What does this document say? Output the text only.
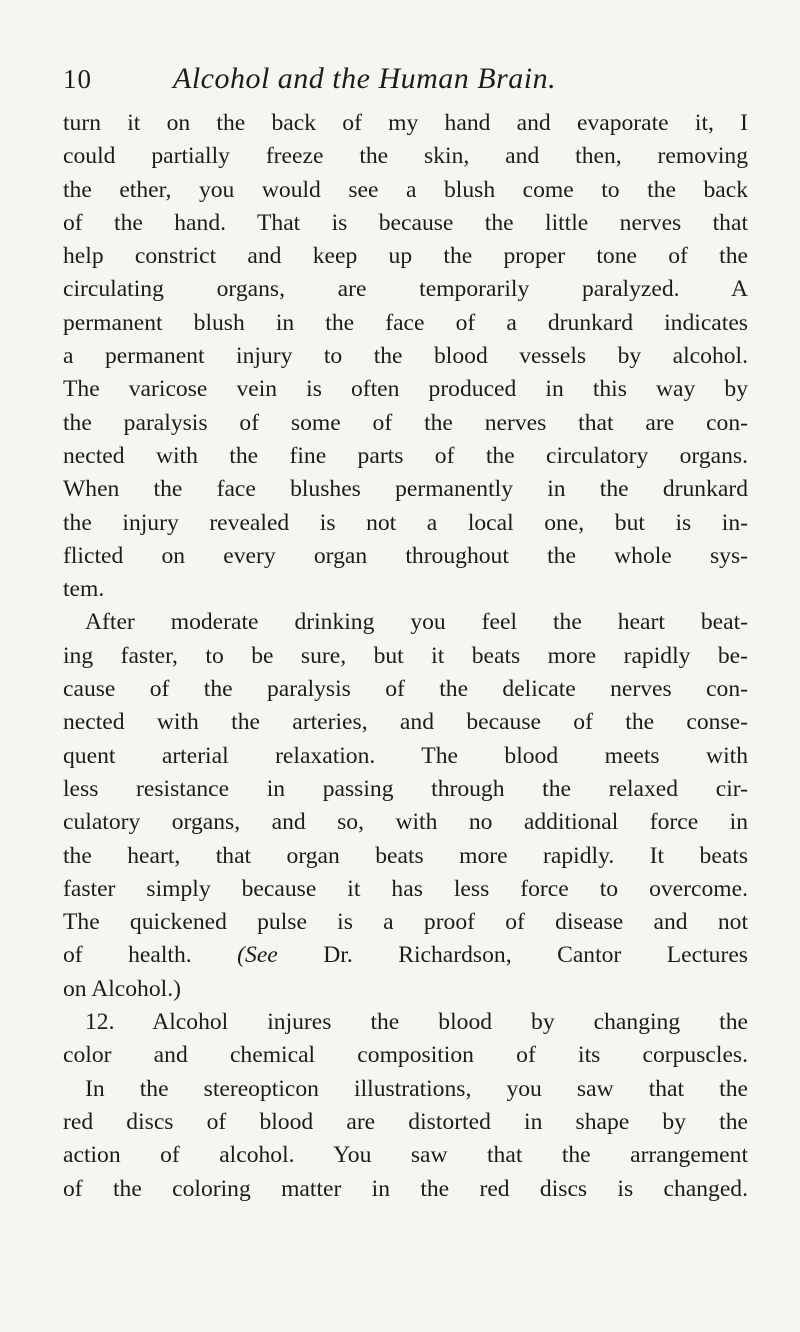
10	Alcohol and the Human Brain.
turn it on the back of my hand and evaporate it, I
could partially freeze the skin, and then, removing
the ether, you would see a blush come to the back
of the hand. That is because the little nerves that
help constrict and keep up the proper tone of the
circulating organs, are temporarily paralyzed. A
permanent blush in the face of a drunkard indicates
a permanent injury to the blood vessels by alcohol.
The varicose vein is often produced in this way by
the paralysis of some of the nerves that are con-
nected with the fine parts of the circulatory organs.
When the face blushes permanently in the drunkard
the injury revealed is not a local one, but is in-
flicted on every organ throughout the whole sys-
tem.
After moderate drinking you feel the heart beat-
ing faster, to be sure, but it beats more rapidly be-
cause of the paralysis of the delicate nerves con-
nected with the arteries, and because of the conse-
quent arterial relaxation. The blood meets with
less resistance in passing through the relaxed cir-
culatory organs, and so, with no additional force in
the heart, that organ beats more rapidly. It beats
faster simply because it has less force to overcome.
The quickened pulse is a proof of disease and not
of health. (See Dr. Richardson, Cantor Lectures
on Alcohol.)
12. Alcohol injures the blood by changing the
color and chemical composition of its corpuscles.
In the stereopticon illustrations, you saw that the
red discs of blood are distorted in shape by the
action of alcohol. You saw that the arrangement
of the coloring matter in the red discs is changed.
